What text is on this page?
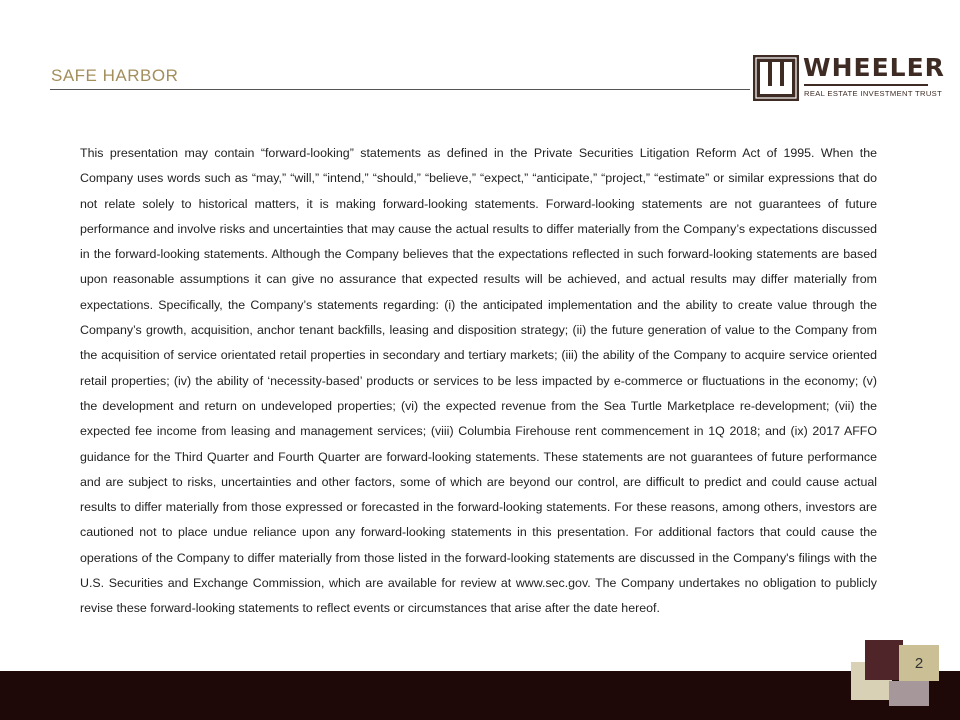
SAFE HARBOR	WHEELER
REAL ESTATE INVESTMENT TRUST

This presentation may contain “forward-looking” statements as defined in the Private Securities Litigation Reform Act of 1995. When the Company uses words such as “may,” “will,” “intend,” “should,” “believe,” “expect,” “anticipate,” “project,” “estimate” or similar expressions that do not relate solely to historical matters, it is making forward-looking statements. Forward-looking statements are not guarantees of future performance and involve risks and uncertainties that may cause the actual results to differ materially from the Company’s expectations discussed in the forward-looking statements. Although the Company believes that the expectations reflected in such forward-looking statements are based upon reasonable assumptions it can give no assurance that expected results will be achieved, and actual results may differ materially from expectations. Specifically, the Company’s statements regarding: (i) the anticipated implementation and the ability to create value through the Company’s growth, acquisition, anchor tenant backfills, leasing and disposition strategy; (ii) the future generation of value to the Company from the acquisition of service orientated retail properties in secondary and tertiary markets; (iii) the ability of the Company to acquire service oriented retail properties; (iv) the ability of ‘necessity-based’ products or services to be less impacted by e-commerce or fluctuations in the economy; (v) the development and return on undeveloped properties; (vi) the expected revenue from the Sea Turtle Marketplace re-development; (vii) the expected fee income from leasing and management services; (viii) Columbia Firehouse rent commencement in 1Q 2018; and (ix) 2017 AFFO guidance for the Third Quarter and Fourth Quarter are forward-looking statements. These statements are not guarantees of future performance and are subject to risks, uncertainties and other factors, some of which are beyond our control, are difficult to predict and could cause actual results to differ materially from those expressed or forecasted in the forward-looking statements. For these reasons, among others, investors are cautioned not to place undue reliance upon any forward-looking statements in this presentation. For additional factors that could cause the operations of the Company to differ materially from those listed in the forward-looking statements are discussed in the Company's filings with the U.S. Securities and Exchange Commission, which are available for review at www.sec.gov. The Company undertakes no obligation to publicly revise these forward-looking statements to reflect events or circumstances that arise after the date hereof.

2
